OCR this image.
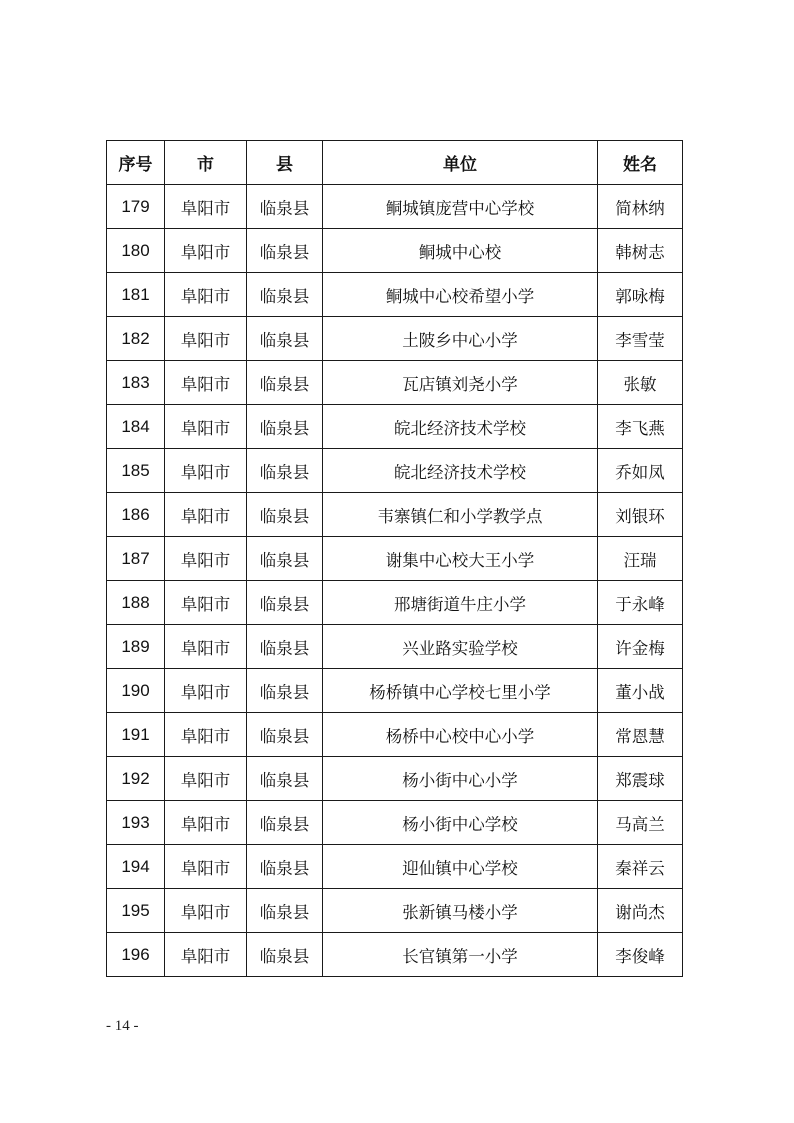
序号	市	县	单位	姓名
179	阜阳市	临泉县	鲖城镇庞营中心学校	简林纳
180	阜阳市	临泉县	鲖城中心校	韩树志
181	阜阳市	临泉县	鲖城中心校希望小学	郭咏梅
182	阜阳市	临泉县	土陂乡中心小学	李雪莹
183	阜阳市	临泉县	瓦店镇刘尧小学	张敏
184	阜阳市	临泉县	皖北经济技术学校	李飞燕
185	阜阳市	临泉县	皖北经济技术学校	乔如凤
186	阜阳市	临泉县	韦寨镇仁和小学教学点	刘银环
187	阜阳市	临泉县	谢集中心校大王小学	汪瑞
188	阜阳市	临泉县	邢塘街道牛庄小学	于永峰
189	阜阳市	临泉县	兴业路实验学校	许金梅
190	阜阳市	临泉县	杨桥镇中心学校七里小学	董小战
191	阜阳市	临泉县	杨桥中心校中心小学	常恩慧
192	阜阳市	临泉县	杨小街中心小学	郑震球
193	阜阳市	临泉县	杨小街中心学校	马高兰
194	阜阳市	临泉县	迎仙镇中心学校	秦祥云
195	阜阳市	临泉县	张新镇马楼小学	谢尚杰
196	阜阳市	临泉县	长官镇第一小学	李俊峰
- 14 -
